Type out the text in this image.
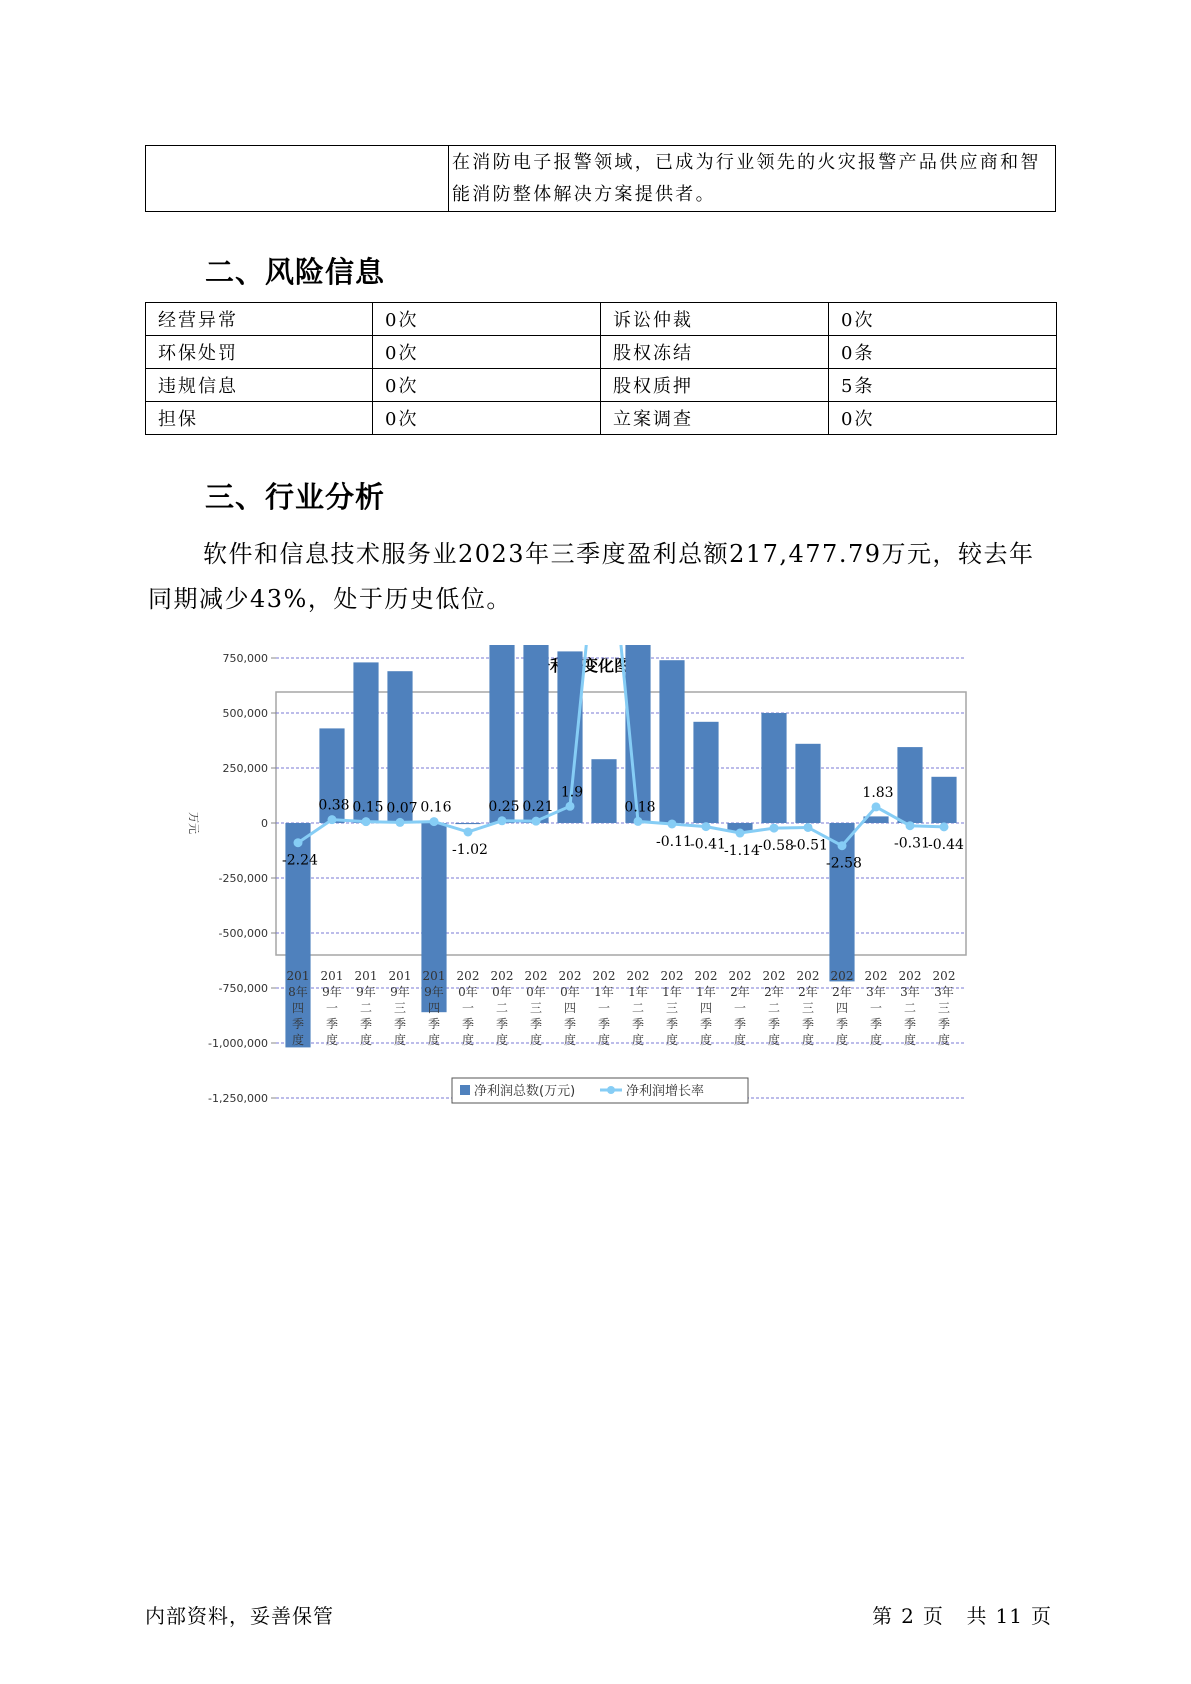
	在消防电子报警领域，已成为行业领先的火灾报警产品供应商和智能消防整体解决方案提供者。
二、风险信息
经营异常	0次	诉讼仲裁	0次
环保处罚	0次	股权冻结	0条
违规信息	0次	股权质押	5条
担保	0次	立案调查	0次
三、行业分析

软件和信息技术服务业2023年三季度盈利总额217,477.79万元，较去年同期减少43%，处于历史低位。

-2.24
0.38 0.15 0.07 0.16
-1.02
0.25 0.21
1.9
0.18
-0.11
-0.41
-1.14
-0.58
-0.51
-2.58
1.83
-0.31
-0.44
750,000
500,000
250,000
0
-250,000
-500,000
-750,000
-1,000,000
-1,250,000
201
8年
四
季
度
201
9年
一
季
度
201
9年
二
季
度
201
9年
三
季
度
201
9年
四
季
度
202
0年
一
季
度
202
0年
二
季
度
202
0年
三
季
度
202
0年
四
季
度
202
1年
一
季
度
202
1年
二
季
度
202
1年
三
季
度
202
1年
四
季
度
202
2年
一
季
度
202
2年
二
季
度
202
2年
三
季
度
202
2年
四
季
度
202
3年
一
季
度
202
3年
二
季
度
202
3年
三
季
度
万元
净利润总数(万元)	净利润增长率
内部资料，妥善保管	第 2 页 共 11 页
